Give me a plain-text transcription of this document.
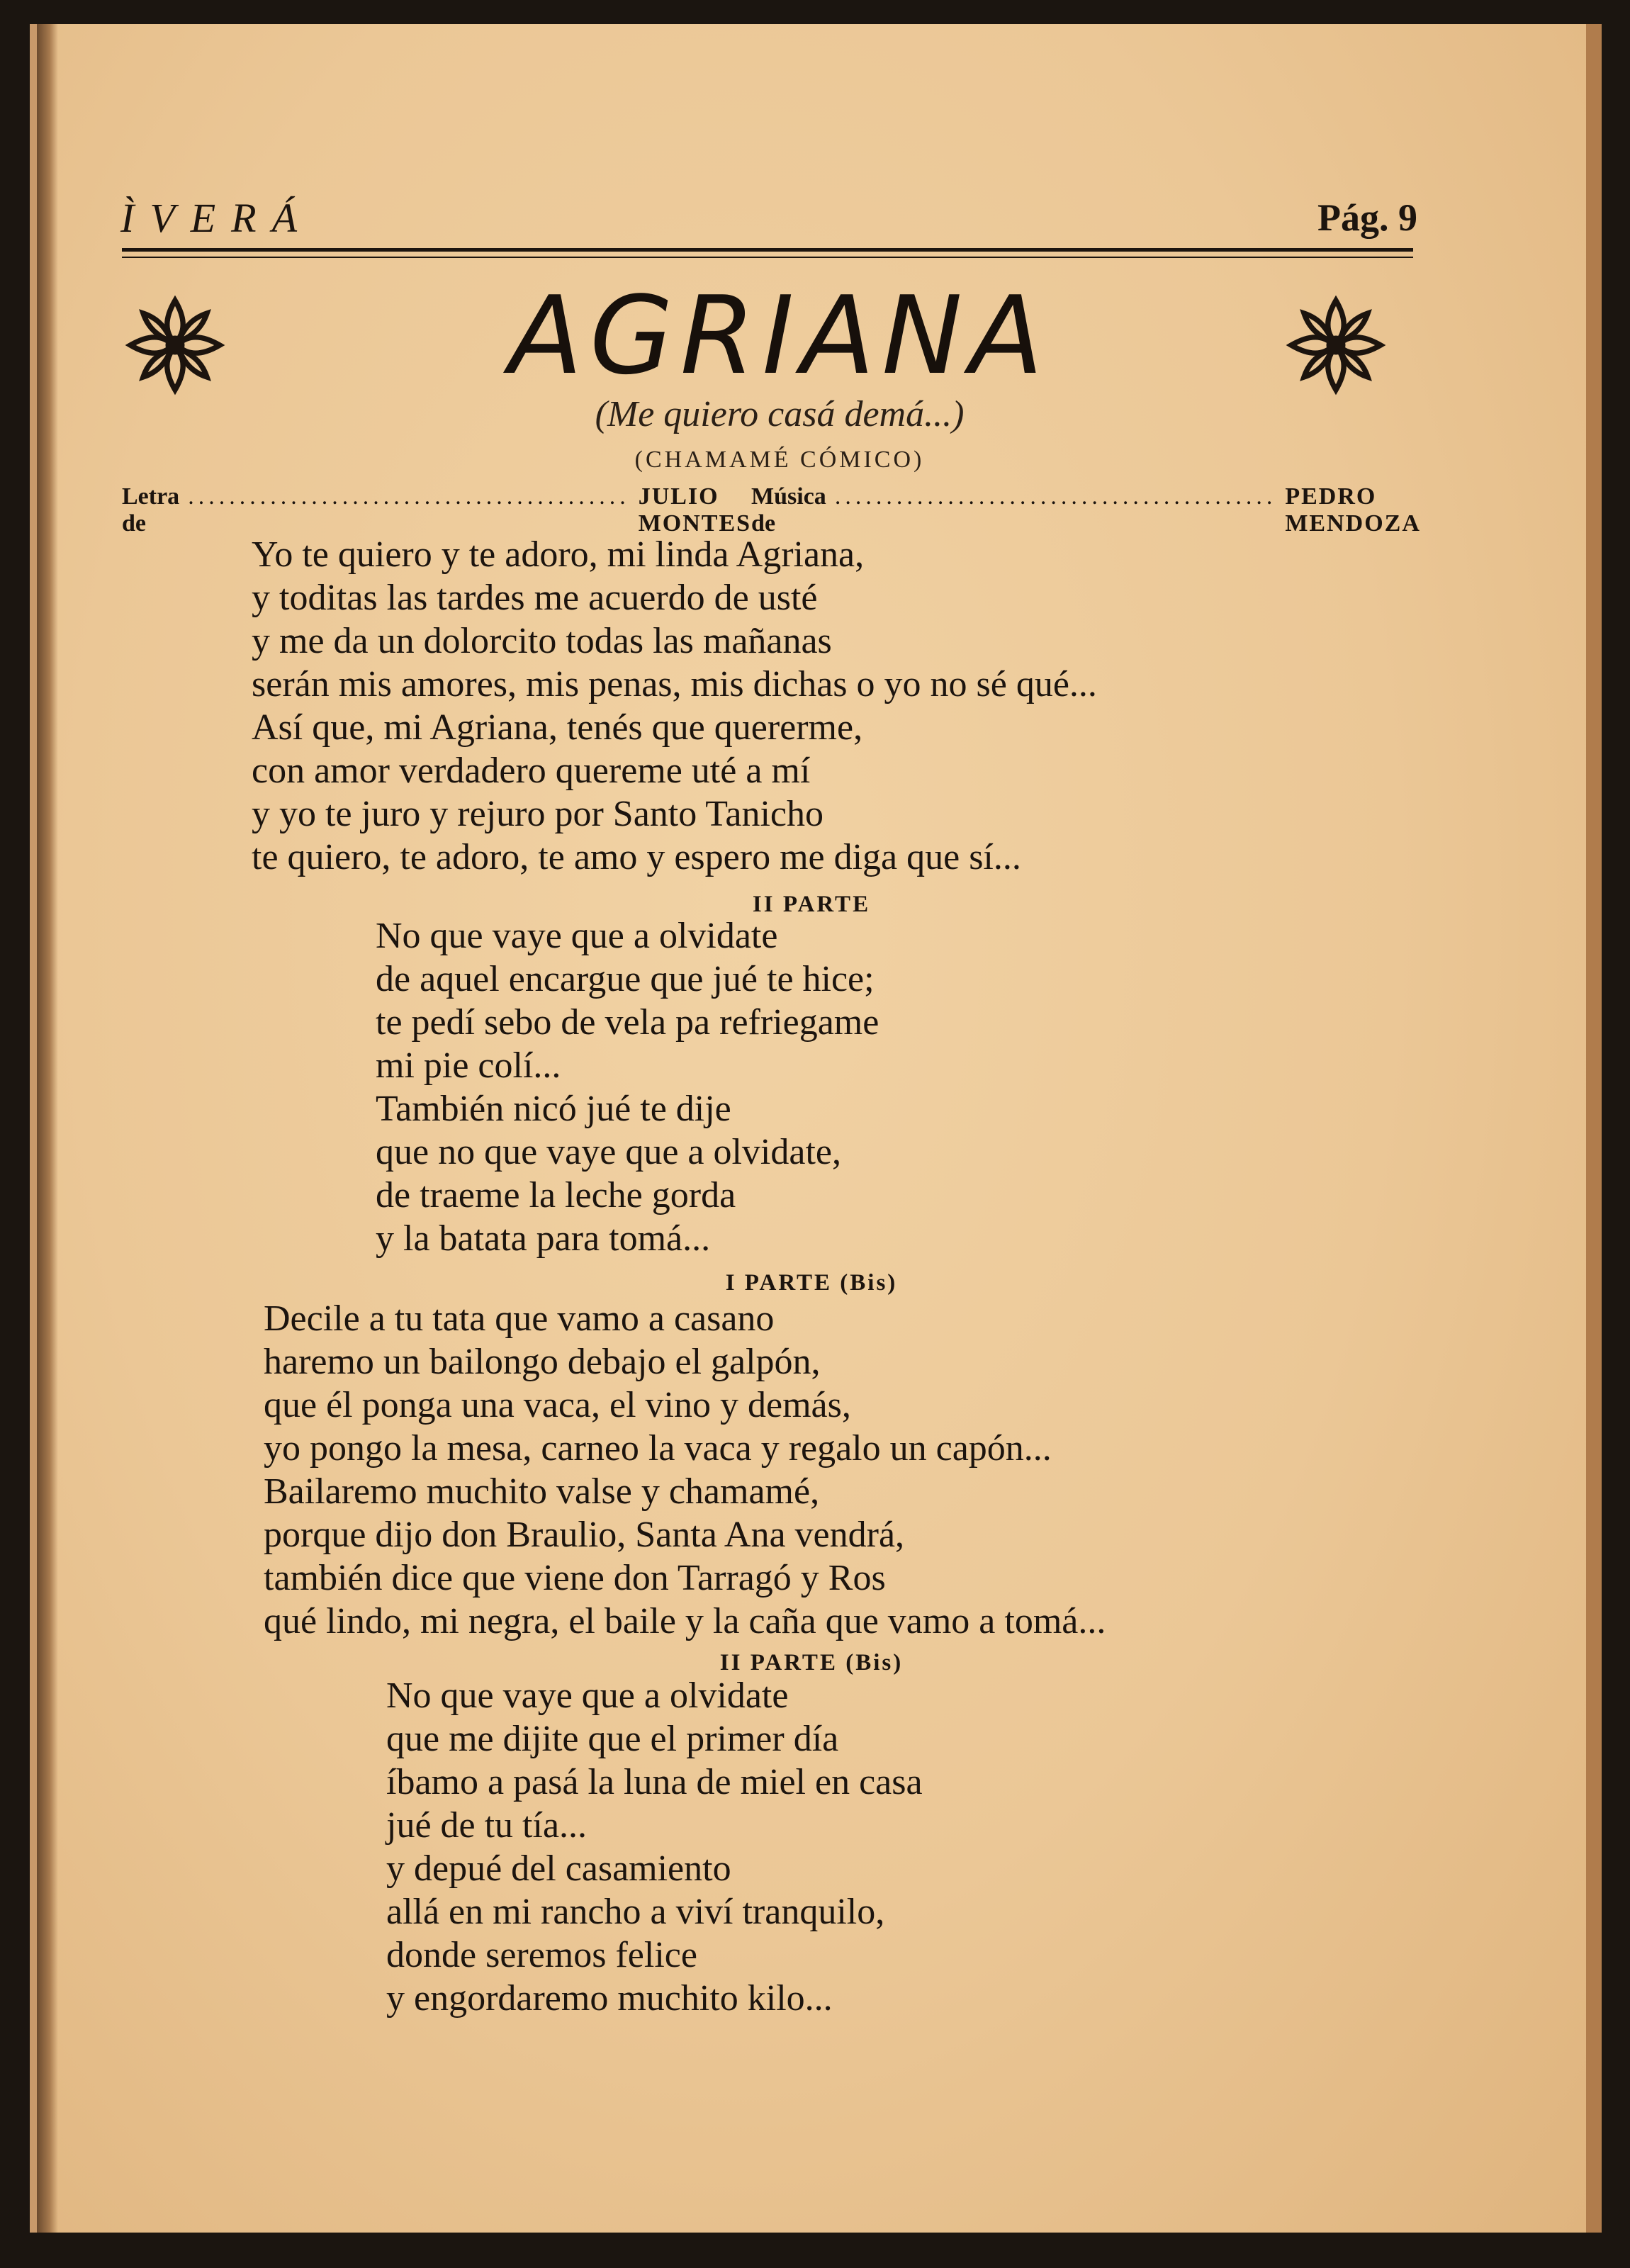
ÌVERÁ	Pág. 9
AGRIANA
(Me quiero casá demá...)
(CHAMAMÉ CÓMICO)
Letra de
........................................... JULIO MONTES
Música de
........................................... PEDRO MENDOZA
Yo te quiero y te adoro, mi linda Agriana,
y toditas las tardes me acuerdo de usté
y me da un dolorcito todas las mañanas
serán mis amores, mis penas, mis dichas o yo no sé qué...
Así que, mi Agriana, tenés que quererme,
con amor verdadero quereme uté a mí
y yo te juro y rejuro por Santo Tanicho
te quiero, te adoro, te amo y espero me diga que sí...
II PARTE
No que vaye que a olvidate
de aquel encargue que jué te hice;
te pedí sebo de vela pa refriegame
mi pie colí...
También nicó jué te dije
que no que vaye que a olvidate,
de traeme la leche gorda
y la batata para tomá...
I PARTE (Bis)
Decile a tu tata que vamo a casano
haremo un bailongo debajo el galpón,
que él ponga una vaca, el vino y demás,
yo pongo la mesa, carneo la vaca y regalo un capón...
Bailaremo muchito valse y chamamé,
porque dijo don Braulio, Santa Ana vendrá,
también dice que viene don Tarragó y Ros
qué lindo, mi negra, el baile y la caña que vamo a tomá...
II PARTE (Bis)
No que vaye que a olvidate
que me dijite que el primer día
íbamo a pasá la luna de miel en casa
jué de tu tía...
y depué del casamiento
allá en mi rancho a viví tranquilo,
donde seremos felice
y engordaremo muchito kilo...
